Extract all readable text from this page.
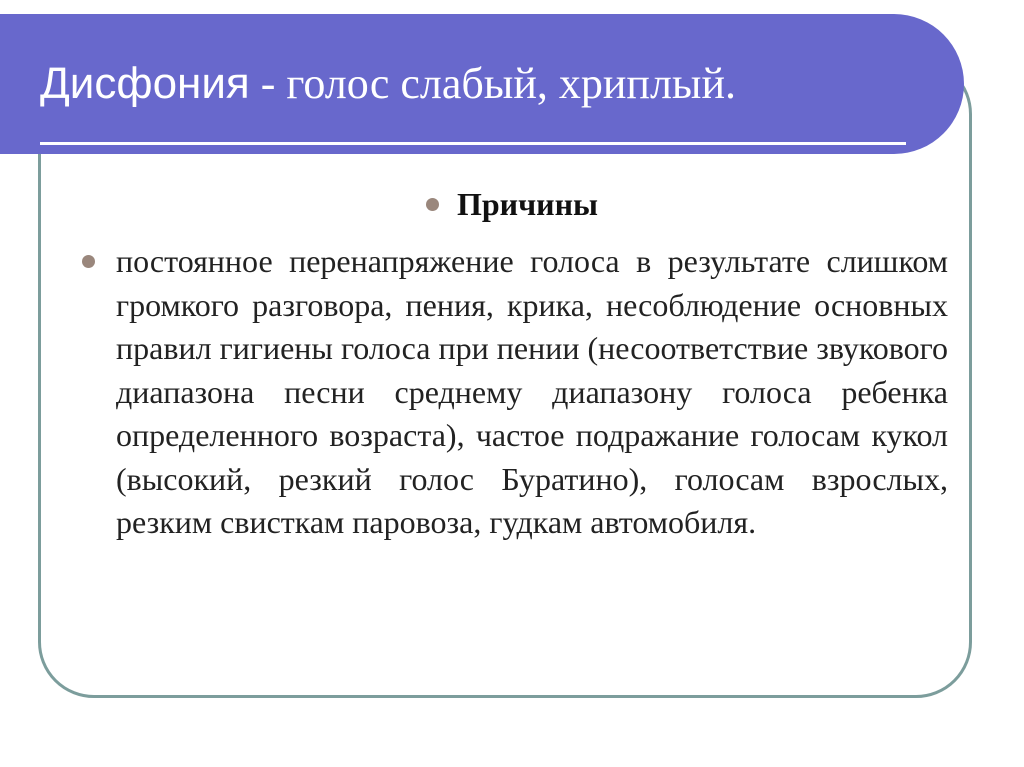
Дисфония - голос слабый, хриплый.
Причины

постоянное перенапряжение голоса в результате слишком громкого разговора, пения, крика, несоблюдение основных правил гигиены голоса при пении (несоответствие звукового диапазона песни среднему диапазону голоса ребенка определенного возраста), частое подражание голосам кукол (высокий, резкий голос Буратино), голосам взрослых, резким свисткам паровоза, гудкам автомобиля.
